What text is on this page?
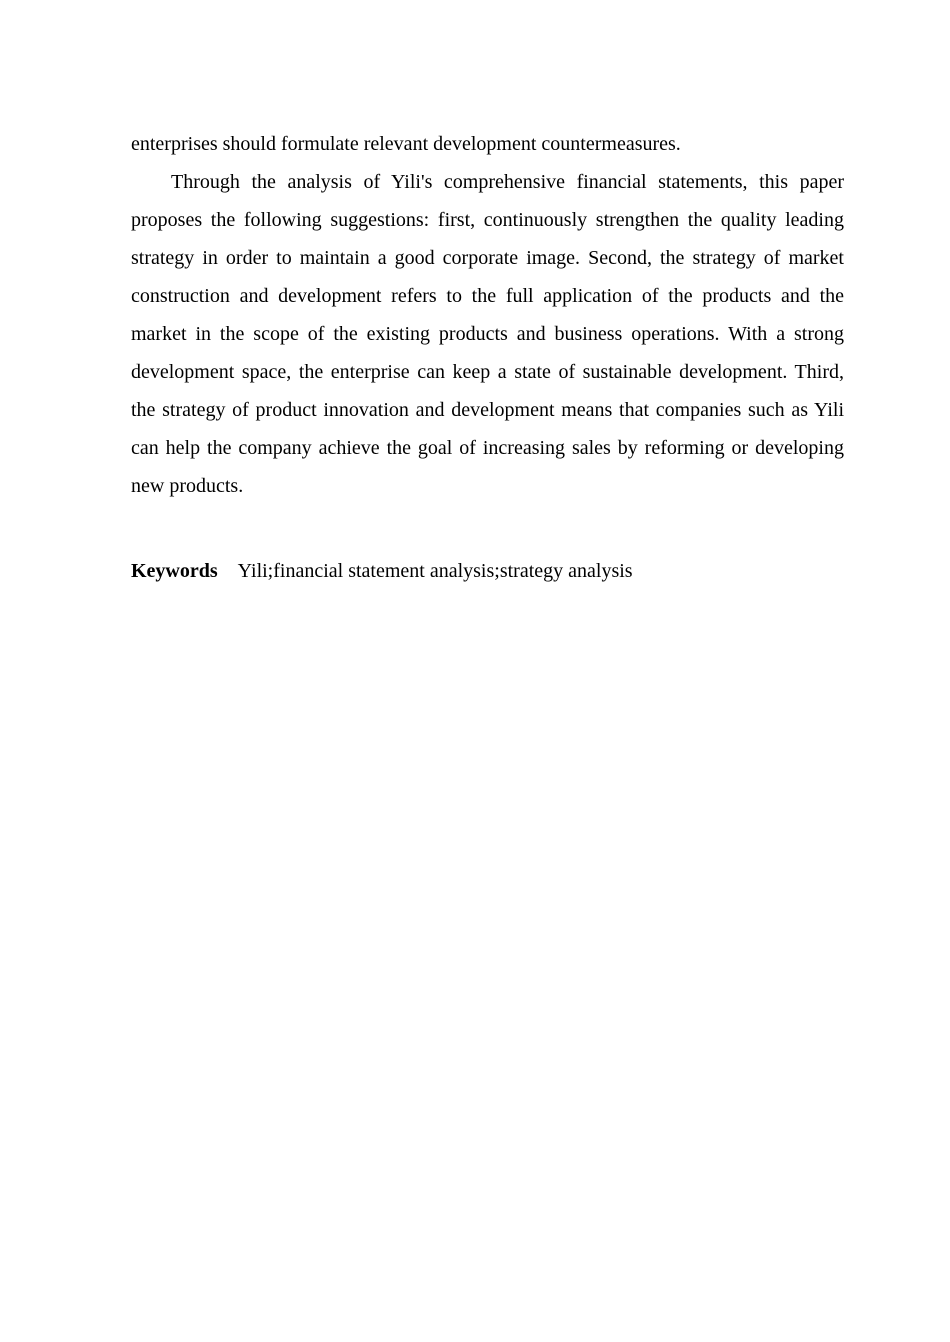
enterprises should formulate relevant development countermeasures.

Through the analysis of Yili's comprehensive financial statements, this paper proposes the following suggestions: first, continuously strengthen the quality leading strategy in order to maintain a good corporate image. Second, the strategy of market construction and development refers to the full application of the products and the market in the scope of the existing products and business operations. With a strong development space, the enterprise can keep a state of sustainable development. Third, the strategy of product innovation and development means that companies such as Yili can help the company achieve the goal of increasing sales by reforming or developing new products.

Keywords Yili;financial statement analysis;strategy analysis
